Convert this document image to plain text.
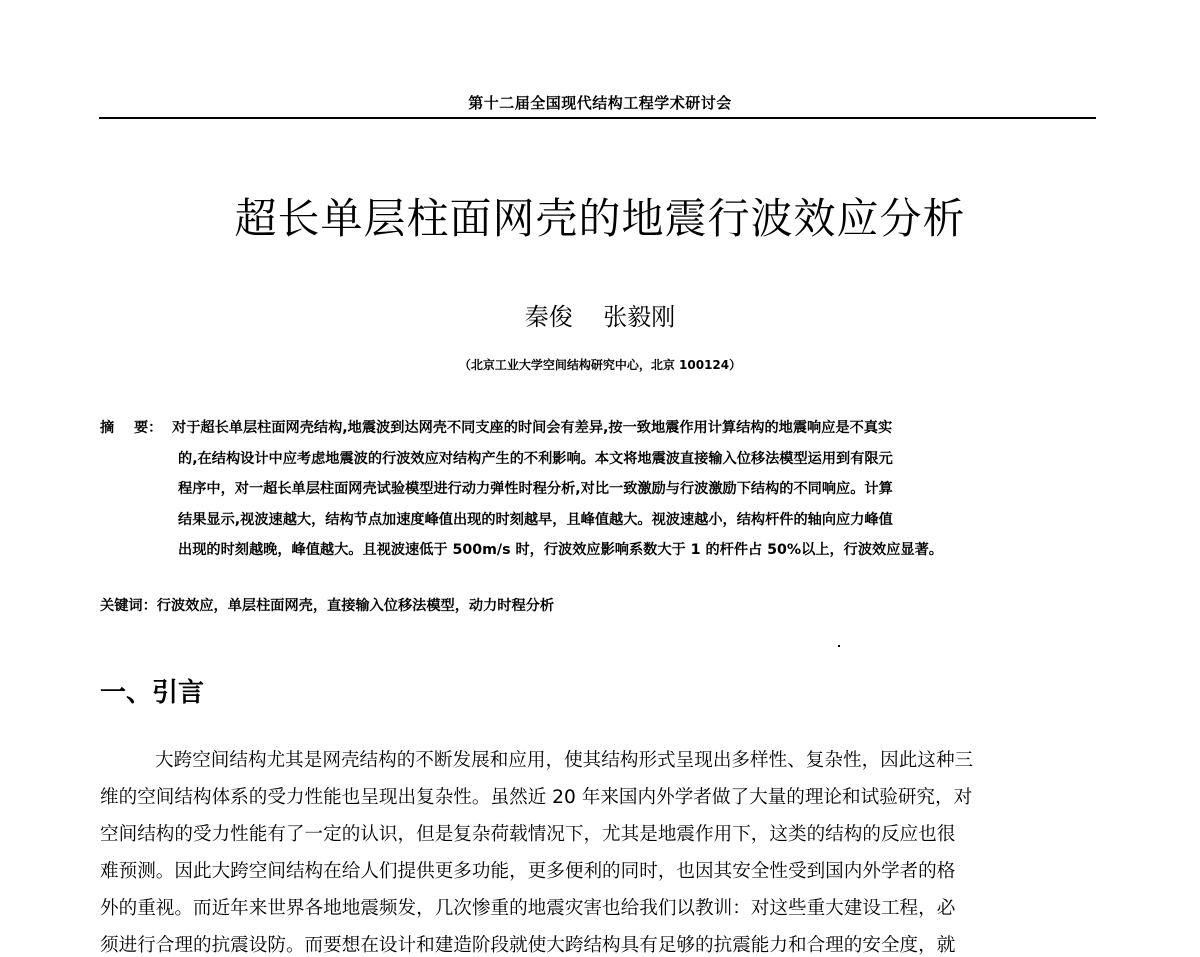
第十二届全国现代结构工程学术研讨会
超长单层柱面网壳的地震行波效应分析
秦俊    张毅刚
（北京工业大学空间结构研究中心，北京 100124）
摘    要： 对于超长单层柱面网壳结构,地震波到达网壳不同支座的时间会有差异,按一致地震作用计算结构的地震响应是不真实
的,在结构设计中应考虑地震波的行波效应对结构产生的不利影响。本文将地震波直接输入位移法模型运用到有限元
程序中，对一超长单层柱面网壳试验模型进行动力弹性时程分析,对比一致激励与行波激励下结构的不同响应。计算
结果显示,视波速越大，结构节点加速度峰值出现的时刻越早，且峰值越大。视波速越小，结构杆件的轴向应力峰值
出现的时刻越晚，峰值越大。且视波速低于 500m/s 时，行波效应影响系数大于 1 的杆件占 50%以上，行波效应显著。
关键词：行波效应，单层柱面网壳，直接输入位移法模型，动力时程分析
一、引言
大跨空间结构尤其是网壳结构的不断发展和应用，使其结构形式呈现出多样性、复杂性，因此这种三
维的空间结构体系的受力性能也呈现出复杂性。虽然近 20 年来国内外学者做了大量的理论和试验研究，对
空间结构的受力性能有了一定的认识，但是复杂荷载情况下，尤其是地震作用下，这类的结构的反应也很
难预测。因此大跨空间结构在给人们提供更多功能，更多便利的同时，也因其安全性受到国内外学者的格
外的重视。而近年来世界各地地震频发，几次惨重的地震灾害也给我们以教训：对这些重大建设工程，必
须进行合理的抗震设防。而要想在设计和建造阶段就使大跨结构具有足够的抗震能力和合理的安全度，就
